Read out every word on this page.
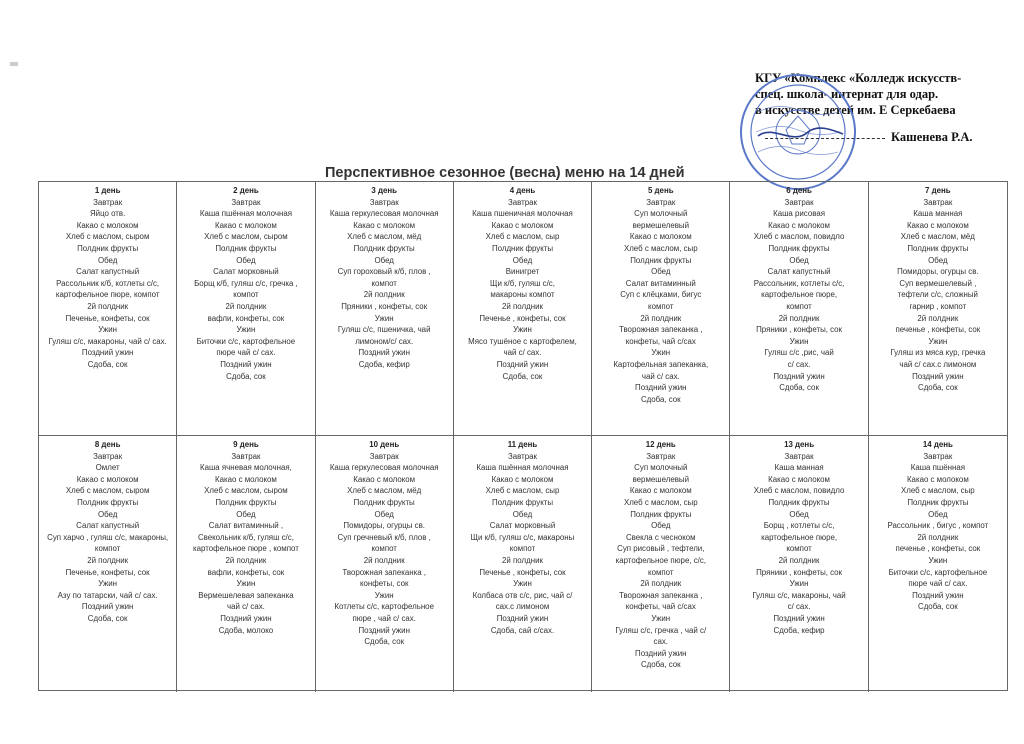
КГУ «Комплекс «Колледж искусств-
спец. школа- интернат для одар.
в искусстве детей им. Е Серкебаева
Кашенева Р.А.
Перспективное сезонное (весна) меню на 14 дней
1 день
Завтрак
Яйцо отв.
Какао с молоком
Хлеб с маслом, сыром
Полдник фрукты
Обед
Салат капустный
Рассольник к/б, котлеты с/с,
картофельное пюре, компот
2й полдник
Печенье, конфеты, сок
Ужин
Гуляш с/с, макароны, чай с/ сах.
Поздний ужин
Сдоба, сок
2 день
Завтрак
Каша пшённая молочная
Какао с молоком
Хлеб с маслом, сыром
Полдник фрукты
Обед
Салат морковный
Борщ к/б, гуляш с/с, гречка ,
компот
2й полдник
вафли, конфеты, сок
Ужин
Биточки с/с, картофельное
пюре чай с/ сах.
Поздний ужин
Сдоба, сок
3 день
Завтрак
Каша геркулесовая молочная
Какао с молоком
Хлеб с маслом, мёд
Полдник фрукты
Обед
Суп гороховый к/б, плов ,
компот
2й полдник
Пряники , конфеты, сок
Ужин
Гуляш с/с, пшеничка, чай
лимоном/с/ сах.
Поздний ужин
Сдоба, кефир
4 день
Завтрак
Каша пшеничная молочная
Какао с молоком
Хлеб с маслом, сыр
Полдник фрукты
Обед
Винигрет
Щи к/б, гуляш с/с,
макароны компот
2й полдник
Печенье , конфеты, сок
Ужин
Мясо тушёное с картофелем,
чай с/ сах.
Поздний ужин
Сдоба, сок
5 день
Завтрак
Суп молочный
вермешелевый
Какао с молоком
Хлеб с маслом, сыр
Полдник фрукты
Обед
Салат витаминный
Суп с клёцками, бигус
компот
2й полдник
Творожная запеканка ,
конфеты, чай с/сах
Ужин
Картофельная запеканка,
чай с/ сах.
Поздний ужин
Сдоба, сок
6 день
Завтрак
Каша рисовая
Какао с молоком
Хлеб с маслом, повидло
Полдник фрукты
Обед
Салат капустный
Рассольник, котлеты с/с,
картофельное пюре,
компот
2й полдник
Пряники , конфеты, сок
Ужин
Гуляш с/с ,рис, чай
с/ сах.
Поздний ужин
Сдоба, сок
7 день
Завтрак
Каша манная
Какао с молоком
Хлеб с маслом, мёд
Полдник фрукты
Обед
Помидоры, огурцы св.
Суп вермешелевый ,
тефтели с/с, сложный
гарнир , компот
2й полдник
печенье , конфеты, сок
Ужин
Гуляш из мяса кур, гречка
чай с/ сах.с лимоном
Поздний ужин
Сдоба, сок
8 день
Завтрак
Омлет
Какао с молоком
Хлеб с маслом, сыром
Полдник фрукты
Обед
Салат капустный
Суп харчо , гуляш с/с, макароны,
компот
2й полдник
Печенье, конфеты, сок
Ужин
Азу по татарски, чай с/ сах.
Поздний ужин
Сдоба, сок
9 день
Завтрак
Каша ячневая молочная,
Какао с молоком
Хлеб с маслом, сыром
Полдник фрукты
Обед
Салат витаминный ,
Свекольник к/б, гуляш с/с,
картофельное пюре , компот
2й полдник
вафли, конфеты, сок
Ужин
Вермешелевая запеканка
чай с/ сах.
Поздний ужин
Сдоба, молоко
10 день
Завтрак
Каша геркулесовая молочная
Какао с молоком
Хлеб с маслом, мёд
Полдник фрукты
Обед
Помидоры, огурцы св.
Суп гречневый к/б, плов ,
компот
2й полдник
Творожная запеканка ,
конфеты, сок
Ужин
Котлеты с/с, картофельное
пюре , чай с/ сах.
Поздний ужин
Сдоба, сок
11 день
Завтрак
Каша пшённая молочная
Какао с молоком
Хлеб с маслом, сыр
Полдник фрукты
Обед
Салат морковный
Щи к/б, гуляш с/с, макароны
компот
2й полдник
Печенье , конфеты, сок
Ужин
Колбаса отв с/с, рис, чай с/
сах.с лимоном
Поздний ужин
Сдоба, сай с/сах.
12 день
Завтрак
Суп молочный
вермешелевый
Какао с молоком
Хлеб с маслом, сыр
Полдник фрукты
Обед
Свекла с чесноком
Суп рисовый , тефтели,
картофельное пюре, с/с,
компот
2й полдник
Творожная запеканка ,
конфеты, чай с/сах
Ужин
Гуляш с/с, гречка , чай с/
сах.
Поздний ужин
Сдоба, сок
13 день
Завтрак
Каша манная
Какао с молоком
Хлеб с маслом, повидло
Полдник фрукты
Обед
Борщ , котлеты с/с,
картофельное пюре,
компот
2й полдник
Пряники , конфеты, сок
Ужин
Гуляш с/с, макароны, чай
с/ сах.
Поздний ужин
Сдоба, кефир
14 день
Завтрак
Каша пшённая
Какао с молоком
Хлеб с маслом, сыр
Полдник фрукты
Обед
Рассольник , бигус , компот
2й полдник
печенье , конфеты, сок
Ужин
Биточки с/с, картофельное
пюре чай с/ сах.
Поздний ужин
Сдоба, сок
